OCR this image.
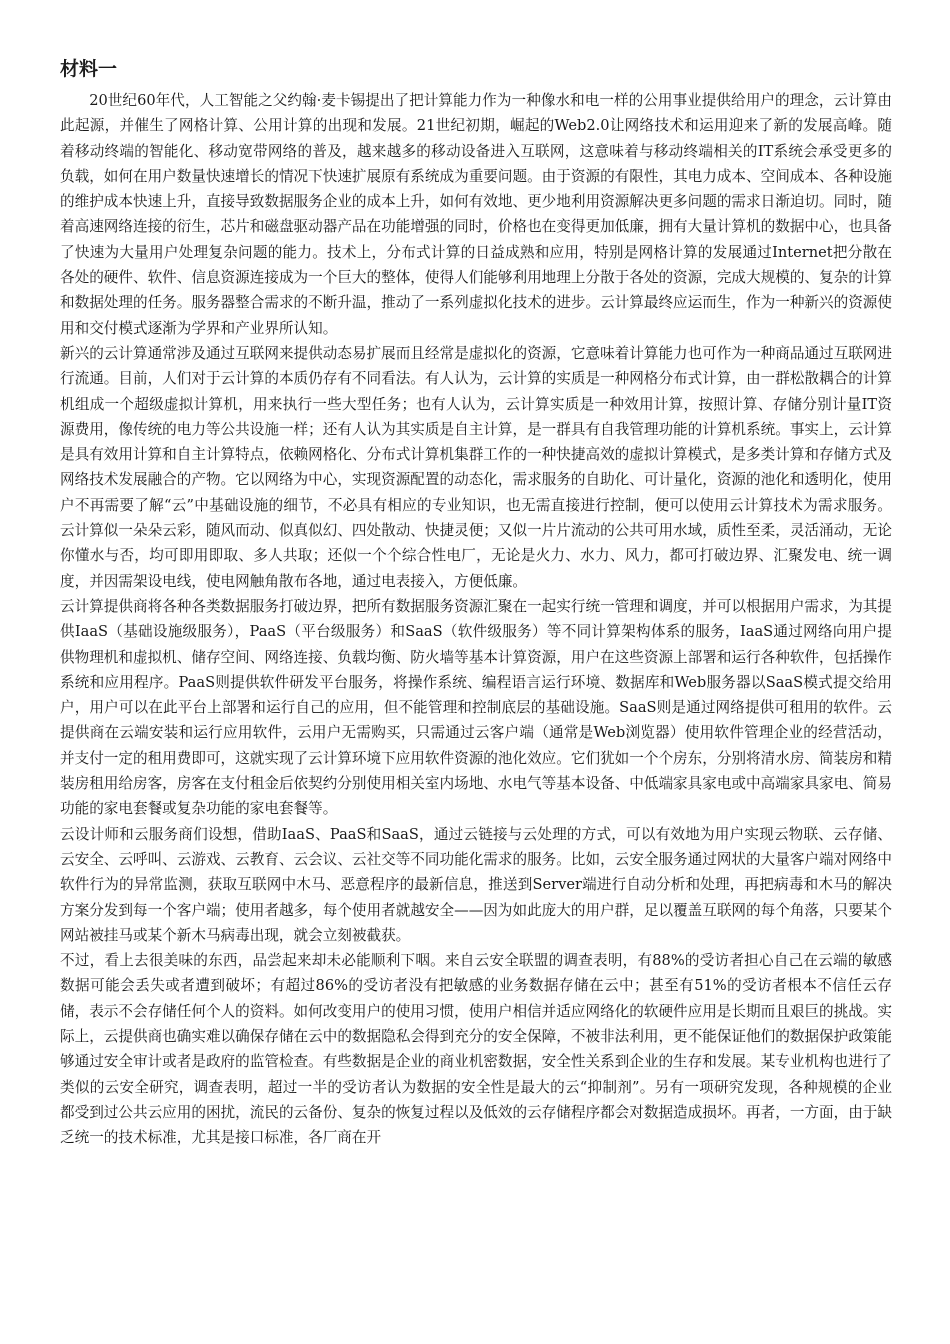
材料一

20世纪60年代，人工智能之父约翰·麦卡锡提出了把计算能力作为一种像水和电一样的公用事业提供给用户的理念，云计算由此起源，并催生了网格计算、公用计算的出现和发展。21世纪初期，崛起的Web2.0让网络技术和运用迎来了新的发展高峰。随着移动终端的智能化、移动宽带网络的普及，越来越多的移动设备进入互联网，这意味着与移动终端相关的IT系统会承受更多的负载，如何在用户数量快速增长的情况下快速扩展原有系统成为重要问题。由于资源的有限性，其电力成本、空间成本、各种设施的维护成本快速上升，直接导致数据服务企业的成本上升，如何有效地、更少地利用资源解决更多问题的需求日渐迫切。同时，随着高速网络连接的衍生，芯片和磁盘驱动器产品在功能增强的同时，价格也在变得更加低廉，拥有大量计算机的数据中心，也具备了快速为大量用户处理复杂问题的能力。技术上，分布式计算的日益成熟和应用，特别是网格计算的发展通过Internet把分散在各处的硬件、软件、信息资源连接成为一个巨大的整体，使得人们能够利用地理上分散于各处的资源，完成大规模的、复杂的计算和数据处理的任务。服务器整合需求的不断升温，推动了一系列虚拟化技术的进步。云计算最终应运而生，作为一种新兴的资源使用和交付模式逐渐为学界和产业界所认知。

新兴的云计算通常涉及通过互联网来提供动态易扩展而且经常是虚拟化的资源，它意味着计算能力也可作为一种商品通过互联网进行流通。目前，人们对于云计算的本质仍存有不同看法。有人认为，云计算的实质是一种网格分布式计算，由一群松散耦合的计算机组成一个超级虚拟计算机，用来执行一些大型任务；也有人认为，云计算实质是一种效用计算，按照计算、存储分别计量IT资源费用，像传统的电力等公共设施一样；还有人认为其实质是自主计算，是一群具有自我管理功能的计算机系统。事实上，云计算是具有效用计算和自主计算特点，依赖网格化、分布式计算机集群工作的一种快捷高效的虚拟计算模式，是多类计算和存储方式及网络技术发展融合的产物。它以网络为中心，实现资源配置的动态化，需求服务的自助化、可计量化，资源的池化和透明化，使用户不再需要了解“云”中基础设施的细节，不必具有相应的专业知识，也无需直接进行控制，便可以使用云计算技术为需求服务。云计算似一朵朵云彩，随风而动、似真似幻、四处散动、快捷灵便；又似一片片流动的公共可用水域，质性至柔，灵活涌动，无论你懂水与否，均可即用即取、多人共取；还似一个个综合性电厂，无论是火力、水力、风力，都可打破边界、汇聚发电、统一调度，并因需架设电线，使电网触角散布各地，通过电表接入，方便低廉。

云计算提供商将各种各类数据服务打破边界，把所有数据服务资源汇聚在一起实行统一管理和调度，并可以根据用户需求，为其提供IaaS（基础设施级服务），PaaS（平台级服务）和SaaS（软件级服务）等不同计算架构体系的服务，IaaS通过网络向用户提供物理机和虚拟机、储存空间、网络连接、负载均衡、防火墙等基本计算资源，用户在这些资源上部署和运行各种软件，包括操作系统和应用程序。PaaS则提供软件研发平台服务，将操作系统、编程语言运行环境、数据库和Web服务器以SaaS模式提交给用户，用户可以在此平台上部署和运行自己的应用，但不能管理和控制底层的基础设施。SaaS则是通过网络提供可租用的软件。云提供商在云端安装和运行应用软件，云用户无需购买，只需通过云客户端（通常是Web浏览器）使用软件管理企业的经营活动，并支付一定的租用费即可，这就实现了云计算环境下应用软件资源的池化效应。它们犹如一个个房东，分别将清水房、简装房和精装房租用给房客，房客在支付租金后依契约分别使用相关室内场地、水电气等基本设备、中低端家具家电或中高端家具家电、简易功能的家电套餐或复杂功能的家电套餐等。

云设计师和云服务商们设想，借助IaaS、PaaS和SaaS，通过云链接与云处理的方式，可以有效地为用户实现云物联、云存储、云安全、云呼叫、云游戏、云教育、云会议、云社交等不同功能化需求的服务。比如，云安全服务通过网状的大量客户端对网络中软件行为的异常监测，获取互联网中木马、恶意程序的最新信息，推送到Server端进行自动分析和处理，再把病毒和木马的解决方案分发到每一个客户端；使用者越多，每个使用者就越安全——因为如此庞大的用户群，足以覆盖互联网的每个角落，只要某个网站被挂马或某个新木马病毒出现，就会立刻被截获。

不过，看上去很美味的东西，品尝起来却未必能顺利下咽。来自云安全联盟的调查表明，有88%的受访者担心自己在云端的敏感数据可能会丢失或者遭到破坏；有超过86%的受访者没有把敏感的业务数据存储在云中；甚至有51%的受访者根本不信任云存储，表示不会存储任何个人的资料。如何改变用户的使用习惯，使用户相信并适应网络化的软硬件应用是长期而且艰巨的挑战。实际上，云提供商也确实难以确保存储在云中的数据隐私会得到充分的安全保障，不被非法利用，更不能保证他们的数据保护政策能够通过安全审计或者是政府的监管检查。有些数据是企业的商业机密数据，安全性关系到企业的生存和发展。某专业机构也进行了类似的云安全研究，调查表明，超过一半的受访者认为数据的安全性是最大的云“抑制剂”。另有一项研究发现，各种规模的企业都受到过公共云应用的困扰，流民的云备份、复杂的恢复过程以及低效的云存储程序都会对数据造成损坏。再者，一方面，由于缺乏统一的技术标准，尤其是接口标准，各厂商在开
